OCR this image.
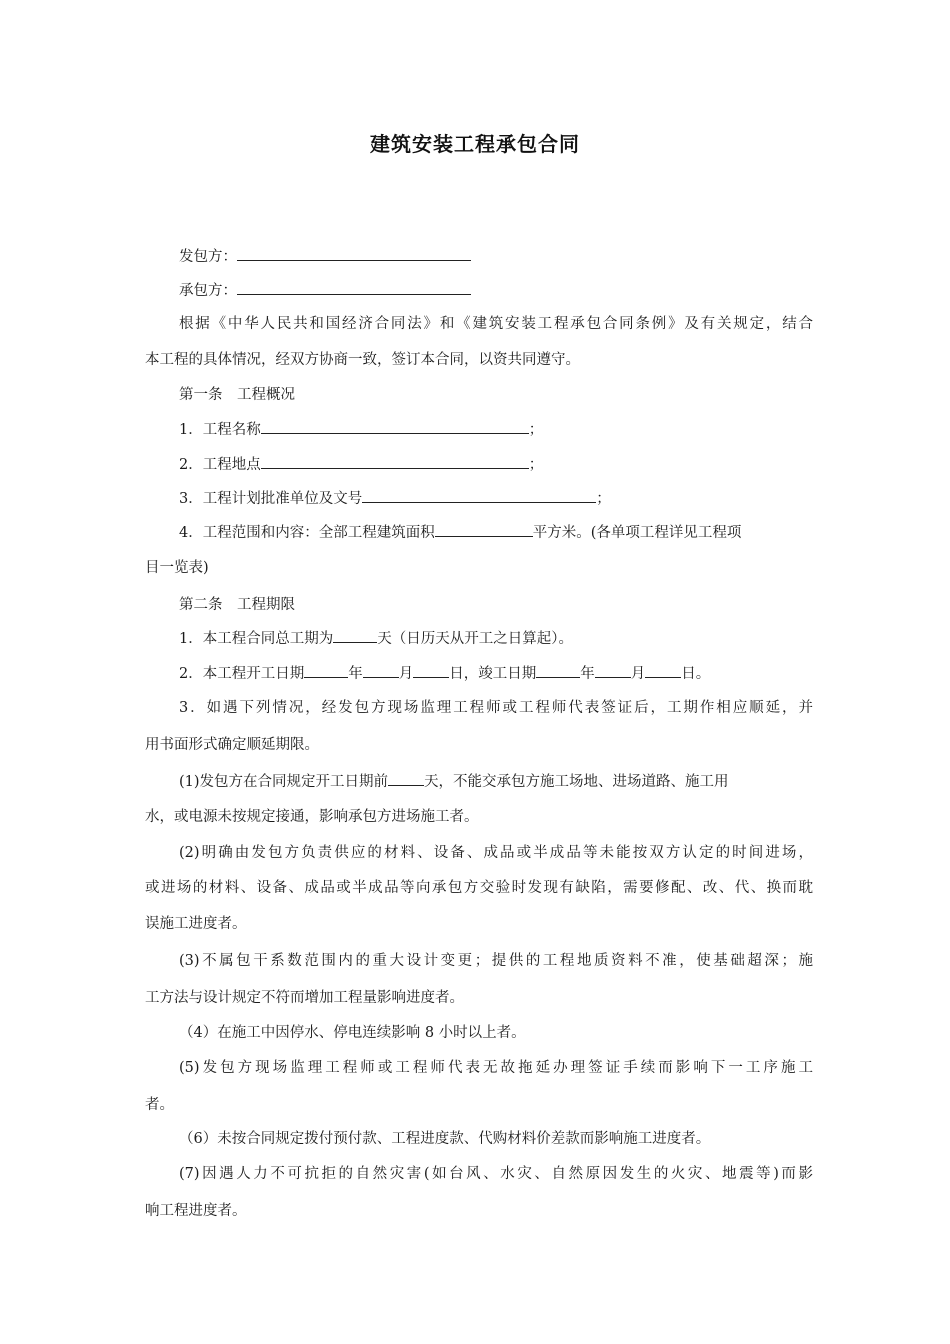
建筑安装工程承包合同

发包方：

承包方：

根据《中华人民共和国经济合同法》和《建筑安装工程承包合同条例》及有关规定，结合

本工程的具体情况，经双方协商一致，签订本合同，以资共同遵守。

第一条　工程概况

1．工程名称	；

2．工程地点	；

3．工程计划批准单位及文号	；

4．工程范围和内容：全部工程建筑面积	平方米。(各单项工程详见工程项

目一览表)

第二条　工程期限

1．本工程合同总工期为	天（日历天从开工之日算起）。

2．本工程开工日期	年 月 日，竣工日期	年 月 日。

3．如遇下列情况，经发包方现场监理工程师或工程师代表签证后，工期作相应顺延，并

用书面形式确定顺延期限。

(1)发包方在合同规定开工日期前 天，不能交承包方施工场地、进场道路、施工用

水，或电源未按规定接通，影响承包方进场施工者。

(2)明确由发包方负责供应的材料、设备、成品或半成品等未能按双方认定的时间进场，

或进场的材料、设备、成品或半成品等向承包方交验时发现有缺陷，需要修配、改、代、换而耽

误施工进度者。

(3)不属包干系数范围内的重大设计变更；提供的工程地质资料不准，使基础超深；施

工方法与设计规定不符而增加工程量影响进度者。

（4）在施工中因停水、停电连续影响 8 小时以上者。

(5)发包方现场监理工程师或工程师代表无故拖延办理签证手续而影响下一工序施工

者。

（6）未按合同规定拨付预付款、工程进度款、代购材料价差款而影响施工进度者。

(7)因遇人力不可抗拒的自然灾害(如台风、水灾、自然原因发生的火灾、地震等)而影

响工程进度者。
